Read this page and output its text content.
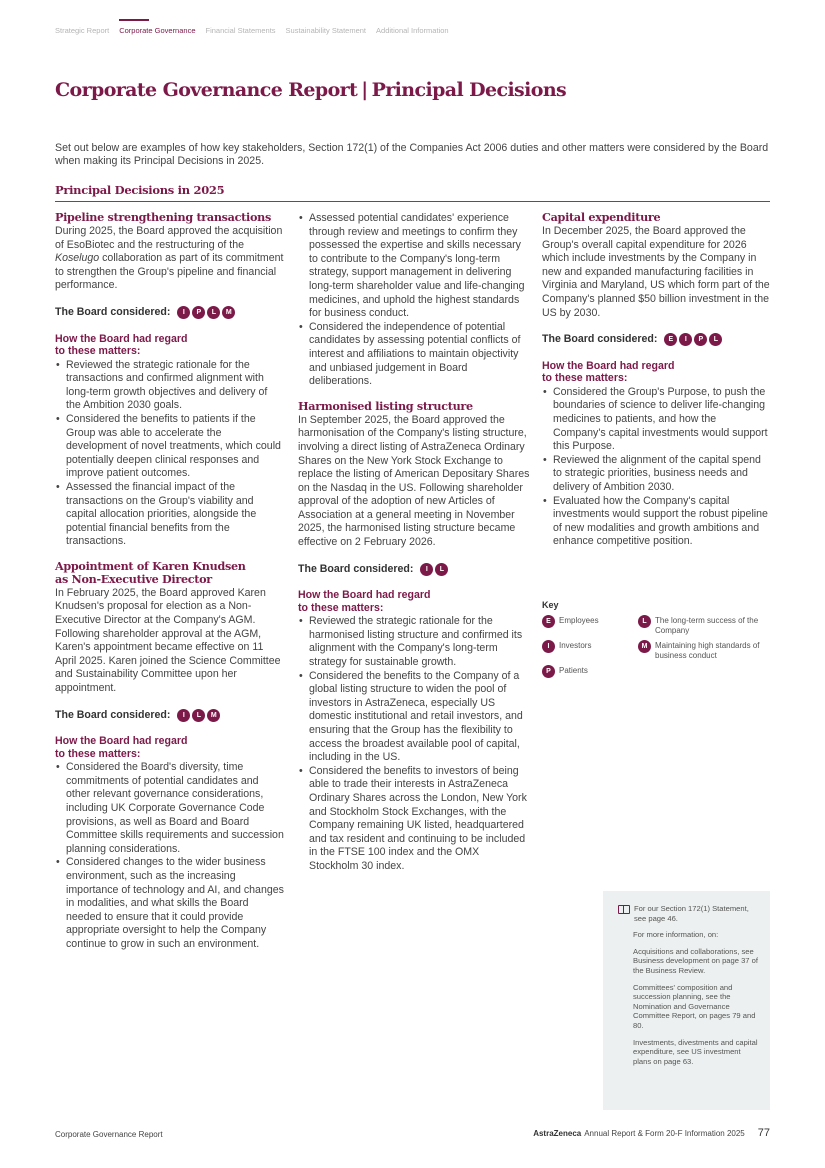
Strategic Report Corporate Governance Financial Statements Sustainability Statement Additional Information
Corporate Governance Report | Principal Decisions

Set out below are examples of how key stakeholders, Section 172(1) of the Companies Act 2006 duties and other matters were considered by the Board when making its Principal Decisions in 2025.

Principal Decisions in 2025
Pipeline strengthening transactions
During 2025, the Board approved the acquisition of EsoBiotec and the restructuring of the Koselugo collaboration as part of its commitment to strengthen the Group's pipeline and financial performance.
The Board considered:
	I	P	L	M
How the Board had regard
to these matters:
• Reviewed the strategic rationale for the transactions and confirmed alignment with long-term growth objectives and delivery of the Ambition 2030 goals.
• Considered the benefits to patients if the Group was able to accelerate the development of novel treatments, which could potentially deepen clinical responses and improve patient outcomes.
• Assessed the financial impact of the transactions on the Group's viability and capital allocation priorities, alongside the potential financial benefits from the transactions.
Appointment of Karen Knudsen
as Non-Executive Director
In February 2025, the Board approved Karen Knudsen's proposal for election as a Non-Executive Director at the Company's AGM. Following shareholder approval at the AGM, Karen's appointment became effective on 11 April 2025. Karen joined the Science Committee and Sustainability Committee upon her appointment.
The Board considered:
	I	L	M
How the Board had regard
to these matters:
• Considered the Board's diversity, time commitments of potential candidates and other relevant governance considerations, including UK Corporate Governance Code provisions, as well as Board and Board Committee skills requirements and succession planning considerations.
• Considered changes to the wider business environment, such as the increasing importance of technology and AI, and changes in modalities, and what skills the Board needed to ensure that it could provide appropriate oversight to help the Company continue to grow in such an environment.
• Assessed potential candidates' experience through review and meetings to confirm they possessed the expertise and skills necessary to contribute to the Company's long-term strategy, support management in delivering long-term shareholder value and life-changing medicines, and uphold the highest standards for business conduct.
• Considered the independence of potential candidates by assessing potential conflicts of interest and affiliations to maintain objectivity and unbiased judgement in Board deliberations.
Harmonised listing structure
In September 2025, the Board approved the harmonisation of the Company's listing structure, involving a direct listing of AstraZeneca Ordinary Shares on the New York Stock Exchange to replace the listing of American Depositary Shares on the Nasdaq in the US. Following shareholder approval of the adoption of new Articles of Association at a general meeting in November 2025, the harmonised listing structure became effective on 2 February 2026.
The Board considered:
	I	L
How the Board had regard
to these matters:
• Reviewed the strategic rationale for the harmonised listing structure and confirmed its alignment with the Company's long-term strategy for sustainable growth.
• Considered the benefits to the Company of a global listing structure to widen the pool of investors in AstraZeneca, especially US domestic institutional and retail investors, and ensuring that the Group has the flexibility to access the broadest available pool of capital, including in the US.
• Considered the benefits to investors of being able to trade their interests in AstraZeneca Ordinary Shares across the London, New York and Stockholm Stock Exchanges, with the Company remaining UK listed, headquartered and tax resident and continuing to be included in the FTSE 100 index and the OMX Stockholm 30 index.
Capital expenditure
In December 2025, the Board approved the Group's overall capital expenditure for 2026 which include investments by the Company in new and expanded manufacturing facilities in Virginia and Maryland, US which form part of the Company's planned $50 billion investment in the US by 2030.
The Board considered:
	E	I	P	L
How the Board had regard
to these matters:
• Considered the Group's Purpose, to push the boundaries of science to deliver life-changing medicines to patients, and how the Company's capital investments would support this Purpose.
• Reviewed the alignment of the capital spend to strategic priorities, business needs and delivery of Ambition 2030.
• Evaluated how the Company's capital investments would support the robust pipeline of new modalities and growth ambitions and enhance competitive position.
Key
E	Employees	L	The long-term success of the Company
I	Investors	M Maintaining high standards of business conduct
P	Patients
For our Section 172(1) Statement, see page 46.

For more information, on:

Acquisitions and collaborations, see Business development on page 37 of the Business Review.

Committees' composition and succession planning, see the Nomination and Governance Committee Report, on pages 79 and 80.

Investments, divestments and capital expenditure, see US investment plans on page 63.

Corporate Governance Report	AstraZeneca Annual Report & Form 20-F Information 2025 77
